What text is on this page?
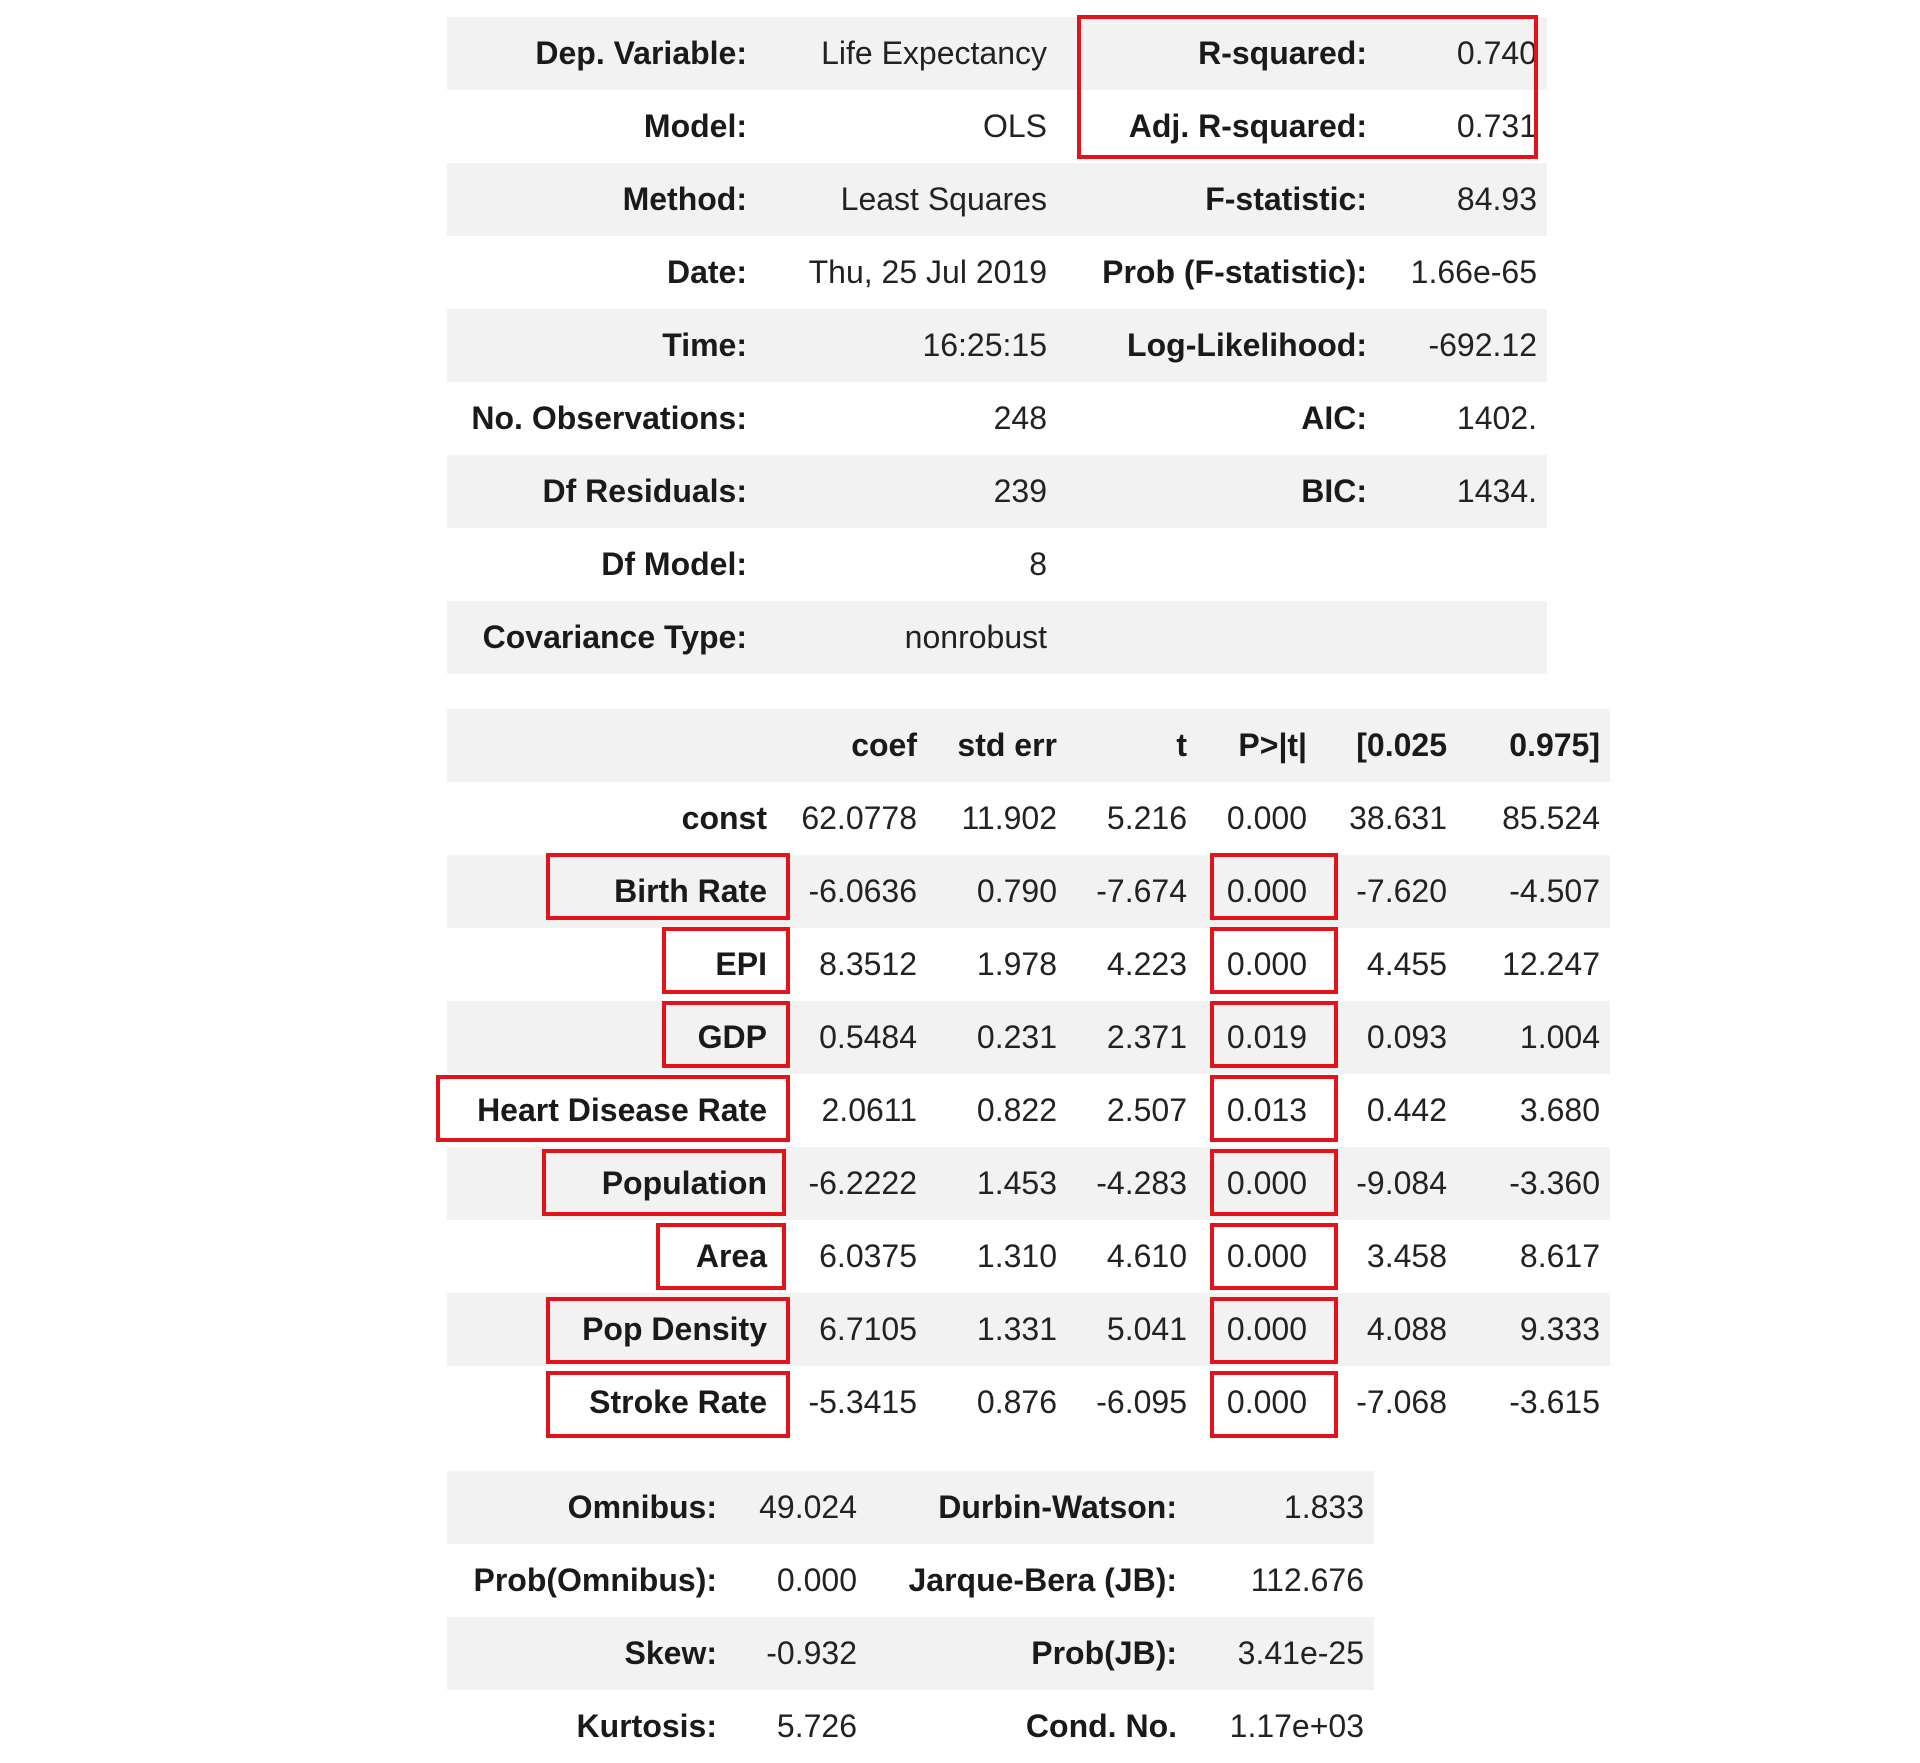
Dep. Variable:	Life Expectancy	R-squared:	0.740
Model:	OLS	Adj. R-squared:	0.731
Method:	Least Squares	F-statistic:	84.93
Date:	Thu, 25 Jul 2019	Prob (F-statistic):	1.66e-65
Time:	16:25:15	Log-Likelihood:	-692.12
No. Observations:	248	AIC:	1402.
Df Residuals:	239	BIC:	1434.
Df Model:	8		
Covariance Type:	nonrobust		
	coef	std err	t	P>|t|	[0.025	0.975]
const	62.0778	11.902	5.216	0.000	38.631	85.524
Birth Rate	-6.0636	0.790	-7.674	0.000	-7.620	-4.507
EPI	8.3512	1.978	4.223	0.000	4.455	12.247
GDP	0.5484	0.231	2.371	0.019	0.093	1.004
Heart Disease Rate	2.0611	0.822	2.507	0.013	0.442	3.680
Population	-6.2222	1.453	-4.283	0.000	-9.084	-3.360
Area	6.0375	1.310	4.610	0.000	3.458	8.617
Pop Density	6.7105	1.331	5.041	0.000	4.088	9.333
Stroke Rate	-5.3415	0.876	-6.095	0.000	-7.068	-3.615
Omnibus:	49.024	Durbin-Watson:	1.833
Prob(Omnibus):	0.000	Jarque-Bera (JB):	112.676
Skew:	-0.932	Prob(JB):	3.41e-25
Kurtosis:	5.726	Cond. No.	1.17e+03
